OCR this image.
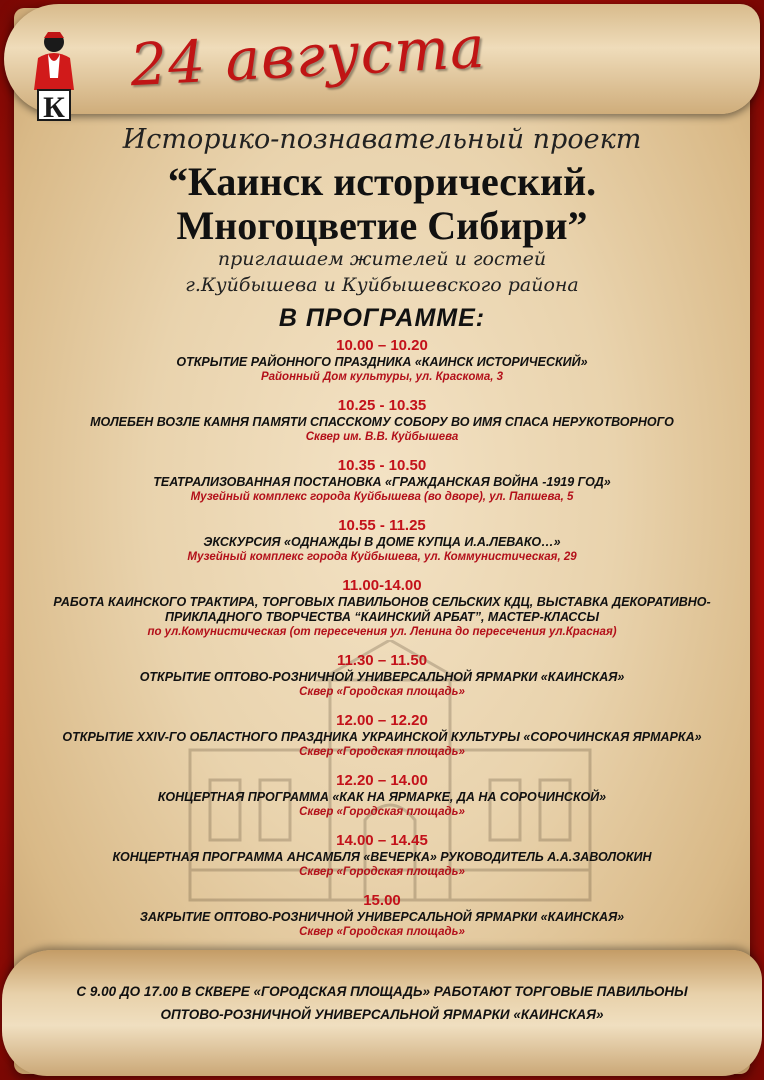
К
24 августа
Историко-познавательный проект
“Каинск исторический.
Многоцветие Сибири”
приглашаем жителей и гостей
г.Куйбышева и Куйбышевского района
В ПРОГРАММЕ:
10.00 – 10.20
ОТКРЫТИЕ РАЙОННОГО ПРАЗДНИКА «КАИНСК ИСТОРИЧЕСКИЙ»
Районный Дом культуры, ул. Краскома, 3
10.25 - 10.35
МОЛЕБЕН ВОЗЛЕ КАМНЯ ПАМЯТИ СПАССКОМУ СОБОРУ ВО ИМЯ СПАСА НЕРУКОТВОРНОГО
Сквер им. В.В. Куйбышева
10.35 - 10.50
ТЕАТРАЛИЗОВАННАЯ ПОСТАНОВКА «ГРАЖДАНСКАЯ ВОЙНА -1919 ГОД»
Музейный комплекс города Куйбышева (во дворе), ул. Папшева, 5
10.55 - 11.25
ЭКСКУРСИЯ «ОДНАЖДЫ В ДОМЕ КУПЦА И.А.ЛЕВАКО…»
Музейный комплекс города Куйбышева, ул. Коммунистическая, 29
11.00-14.00
РАБОТА КАИНСКОГО ТРАКТИРА, ТОРГОВЫХ ПАВИЛЬОНОВ СЕЛЬСКИХ КДЦ, ВЫСТАВКА ДЕКОРАТИВНО-ПРИКЛАДНОГО ТВОРЧЕСТВА “КАИНСКИЙ АРБАТ”, МАСТЕР-КЛАССЫ
по ул.Комунистическая (от пересечения ул. Ленина до пересечения ул.Красная)
11.30 – 11.50
ОТКРЫТИЕ ОПТОВО-РОЗНИЧНОЙ УНИВЕРСАЛЬНОЙ ЯРМАРКИ «КАИНСКАЯ»
Сквер «Городская площадь»
12.00 – 12.20
ОТКРЫТИЕ XXIV-ГО ОБЛАСТНОГО ПРАЗДНИКА УКРАИНСКОЙ КУЛЬТУРЫ «СОРОЧИНСКАЯ ЯРМАРКА»
Сквер «Городская площадь»
12.20 – 14.00
КОНЦЕРТНАЯ ПРОГРАММА «КАК НА ЯРМАРКЕ, ДА НА СОРОЧИНСКОЙ»
Сквер «Городская площадь»
14.00 – 14.45
КОНЦЕРТНАЯ ПРОГРАММА АНСАМБЛЯ «ВЕЧЕРКА» РУКОВОДИТЕЛЬ А.А.ЗАВОЛОКИН
Сквер «Городская площадь»
15.00
ЗАКРЫТИЕ ОПТОВО-РОЗНИЧНОЙ УНИВЕРСАЛЬНОЙ ЯРМАРКИ «КАИНСКАЯ»
Сквер «Городская площадь»
С 9.00 ДО 17.00 В СКВЕРЕ «ГОРОДСКАЯ ПЛОЩАДЬ» РАБОТАЮТ ТОРГОВЫЕ ПАВИЛЬОНЫ
ОПТОВО-РОЗНИЧНОЙ УНИВЕРСАЛЬНОЙ ЯРМАРКИ «КАИНСКАЯ»
